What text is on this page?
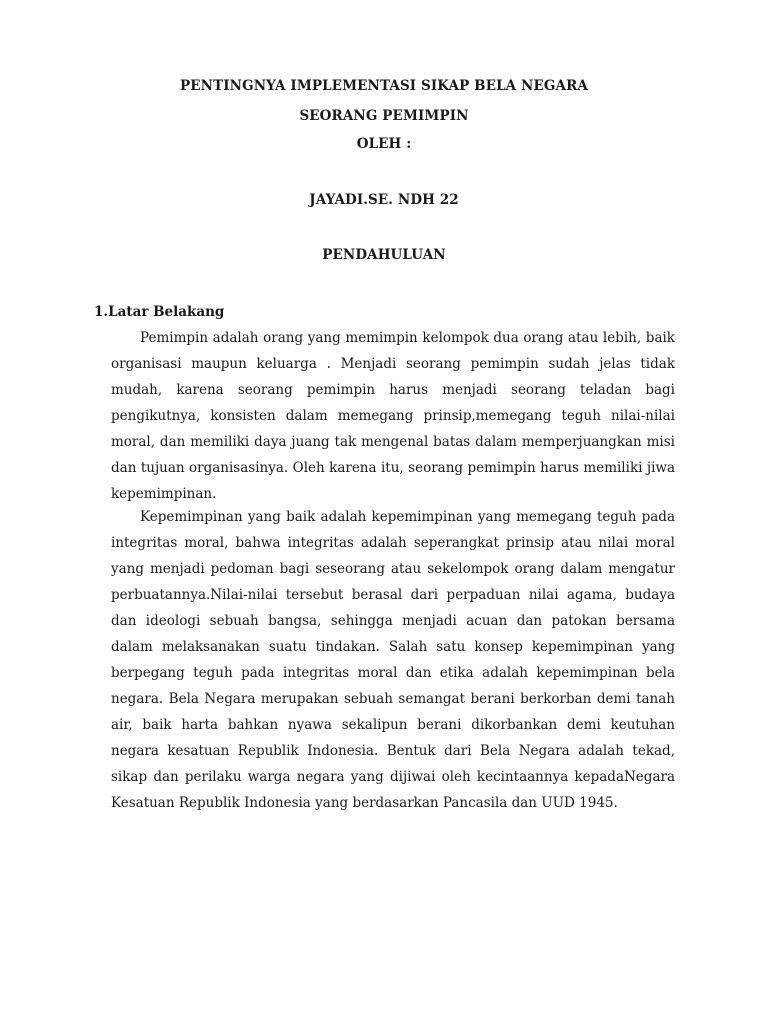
PENTINGNYA IMPLEMENTASI SIKAP BELA NEGARA
SEORANG PEMIMPIN
OLEH :
JAYADI.SE. NDH 22
PENDAHULUAN
1.Latar Belakang

Pemimpin adalah orang yang memimpin kelompok dua orang atau lebih, baik organisasi maupun keluarga . Menjadi seorang pemimpin sudah jelas tidak mudah, karena seorang pemimpin harus menjadi seorang teladan bagi pengikutnya, konsisten dalam memegang prinsip,memegang teguh nilai-nilai moral, dan memiliki daya juang tak mengenal batas dalam memperjuangkan misi dan tujuan organisasinya. Oleh karena itu, seorang pemimpin harus memiliki jiwa kepemimpinan.

Kepemimpinan yang baik adalah kepemimpinan yang memegang teguh pada integritas moral, bahwa integritas adalah seperangkat prinsip atau nilai moral yang menjadi pedoman bagi seseorang atau sekelompok orang dalam mengatur perbuatannya.Nilai-nilai tersebut berasal dari perpaduan nilai agama, budaya dan ideologi sebuah bangsa, sehingga menjadi acuan dan patokan bersama dalam melaksanakan suatu tindakan. Salah satu konsep kepemimpinan yang berpegang teguh pada integritas moral dan etika adalah kepemimpinan bela negara. Bela Negara merupakan sebuah semangat berani berkorban demi tanah air, baik harta bahkan nyawa sekalipun berani dikorbankan demi keutuhan negara kesatuan Republik Indonesia. Bentuk dari Bela Negara adalah tekad, sikap dan perilaku warga negara yang dijiwai oleh kecintaannya kepadaNegara Kesatuan Republik Indonesia yang berdasarkan Pancasila dan UUD 1945.
